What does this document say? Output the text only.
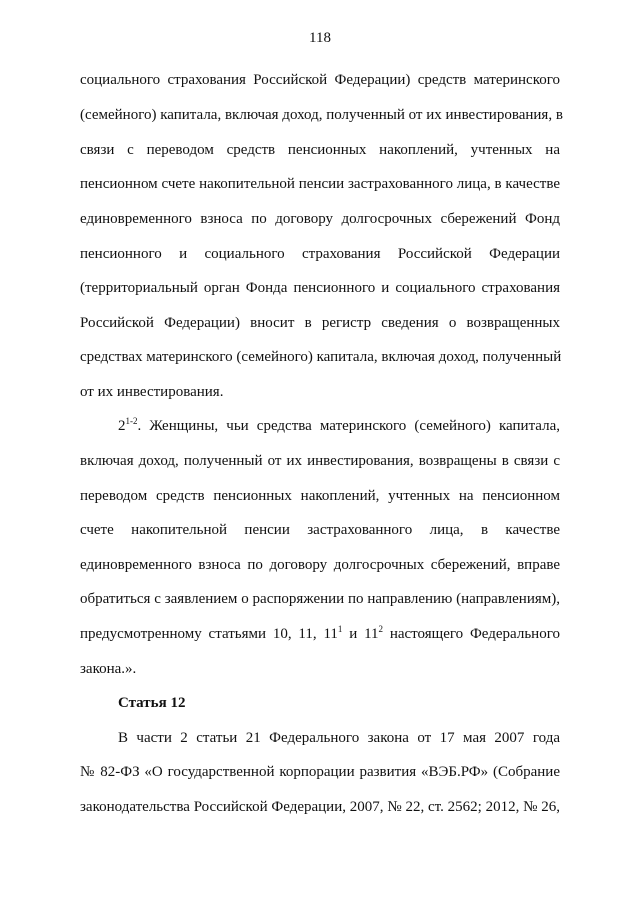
118
социального страхования Российской Федерации) средств материнского
(семейного) капитала, включая доход, полученный от их инвестирования, в
связи с переводом средств пенсионных накоплений, учтенных на
пенсионном счете накопительной пенсии застрахованного лица, в качестве
единовременного взноса по договору долгосрочных сбережений Фонд
пенсионного и социального страхования Российской Федерации
(территориальный орган Фонда пенсионного и социального страхования
Российской Федерации) вносит в регистр сведения о возвращенных
средствах материнского (семейного) капитала, включая доход, полученный
от их инвестирования.
2$^{1-2}$. Женщины, чьи средства материнского (семейного) капитала,
включая доход, полученный от их инвестирования, возвращены в связи с
переводом средств пенсионных накоплений, учтенных на пенсионном
счете накопительной пенсии застрахованного лица, в качестве
единовременного взноса по договору долгосрочных сбережений, вправе
обратиться с заявлением о распоряжении по направлению (направлениям),
предусмотренному статьями 10, 11, $11^1$ и $11^2$ настоящего Федерального
закона.».
Статья 12
В части 2 статьи 21 Федерального закона от 17 мая 2007 года
№ 82-ФЗ «О государственной корпорации развития «ВЭБ.РФ» (Собрание
законодательства Российской Федерации, 2007, № 22, ст. 2562; 2012, № 26,
